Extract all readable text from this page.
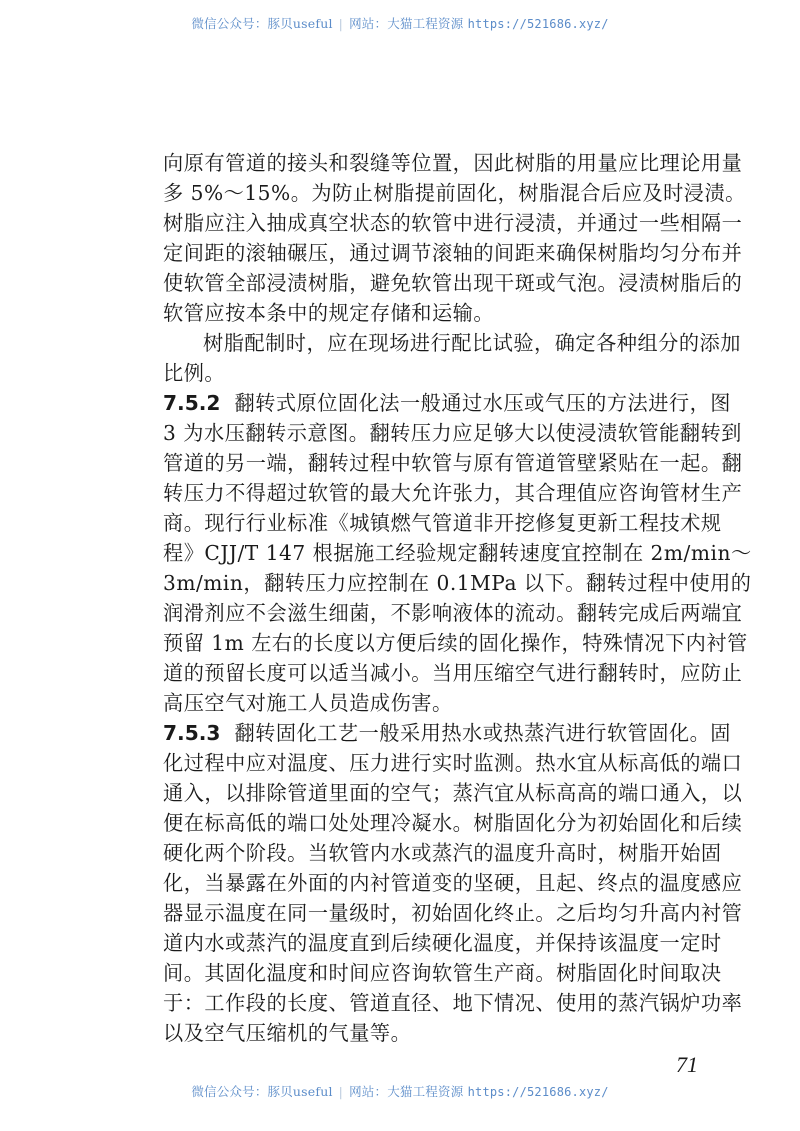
微信公众号：豚贝useful | 网站：大猫工程资源 https://521686.xyz/
向原有管道的接头和裂缝等位置，因此树脂的用量应比理论用量
多 5%～15%。为防止树脂提前固化，树脂混合后应及时浸渍。
树脂应注入抽成真空状态的软管中进行浸渍，并通过一些相隔一
定间距的滚轴碾压，通过调节滚轴的间距来确保树脂均匀分布并
使软管全部浸渍树脂，避免软管出现干斑或气泡。浸渍树脂后的
软管应按本条中的规定存储和运输。
树脂配制时，应在现场进行配比试验，确定各种组分的添加
比例。
7.5.2 翻转式原位固化法一般通过水压或气压的方法进行，图
3 为水压翻转示意图。翻转压力应足够大以使浸渍软管能翻转到
管道的另一端，翻转过程中软管与原有管道管壁紧贴在一起。翻
转压力不得超过软管的最大允许张力，其合理值应咨询管材生产
商。现行行业标准《城镇燃气管道非开挖修复更新工程技术规
程》CJJ/T 147 根据施工经验规定翻转速度宜控制在 2m/min～
3m/min，翻转压力应控制在 0.1MPa 以下。翻转过程中使用的
润滑剂应不会滋生细菌，不影响液体的流动。翻转完成后两端宜
预留 1m 左右的长度以方便后续的固化操作，特殊情况下内衬管
道的预留长度可以适当减小。当用压缩空气进行翻转时，应防止
高压空气对施工人员造成伤害。
7.5.3 翻转固化工艺一般采用热水或热蒸汽进行软管固化。固
化过程中应对温度、压力进行实时监测。热水宜从标高低的端口
通入，以排除管道里面的空气；蒸汽宜从标高高的端口通入，以
便在标高低的端口处处理冷凝水。树脂固化分为初始固化和后续
硬化两个阶段。当软管内水或蒸汽的温度升高时，树脂开始固
化，当暴露在外面的内衬管道变的坚硬，且起、终点的温度感应
器显示温度在同一量级时，初始固化终止。之后均匀升高内衬管
道内水或蒸汽的温度直到后续硬化温度，并保持该温度一定时
间。其固化温度和时间应咨询软管生产商。树脂固化时间取决
于：工作段的长度、管道直径、地下情况、使用的蒸汽锅炉功率
以及空气压缩机的气量等。
71
微信公众号：豚贝useful | 网站：大猫工程资源 https://521686.xyz/
